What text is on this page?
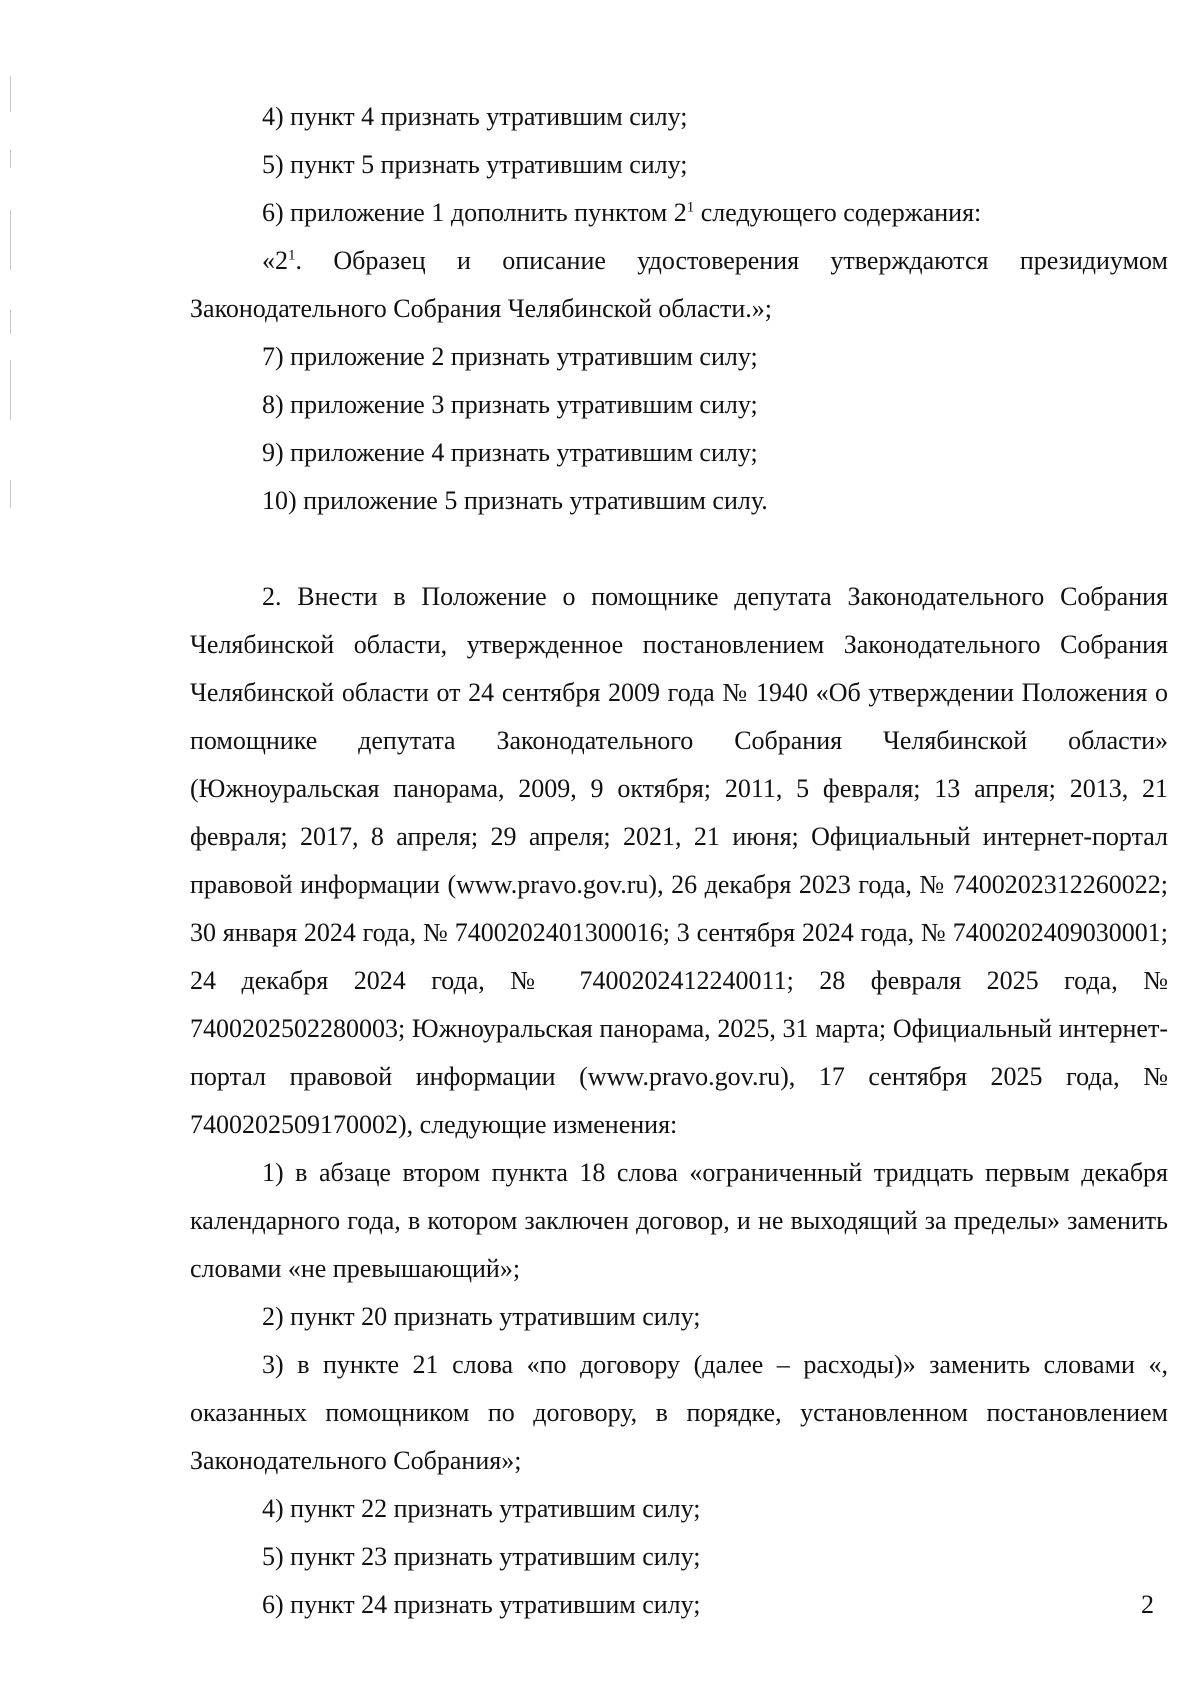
4) пункт 4 признать утратившим силу;

5) пункт 5 признать утратившим силу;

6) приложение 1 дополнить пунктом $2^1$ следующего содержания:

«$2^1$. Образец и описание удостоверения утверждаются президиумом Законодательного Собрания Челябинской области.»;

7) приложение 2 признать утратившим силу;

8) приложение 3 признать утратившим силу;

9) приложение 4 признать утратившим силу;

10) приложение 5 признать утратившим силу.

2. Внести в Положение о помощнике депутата Законодательного Собрания Челябинской области, утвержденное постановлением Законодательного Собрания Челябинской области от 24 сентября 2009 года № 1940 «Об утверждении Положения о помощнике депутата Законодательного Собрания Челябинской области» (Южноуральская панорама, 2009, 9 октября; 2011, 5 февраля; 13 апреля; 2013, 21 февраля; 2017, 8 апреля; 29 апреля; 2021, 21 июня; Официальный интернет-портал правовой информации (www.pravo.gov.ru), 26 декабря 2023 года, № 7400202312260022; 30 января 2024 года, № 7400202401300016; 3 сентября 2024 года, № 7400202409030001; 24 декабря 2024 года, № 7400202412240011; 28 февраля 2025 года, № 7400202502280003; Южноуральская панорама, 2025, 31 марта; Официальный интернет-портал правовой информации (www.pravo.gov.ru), 17 сентября 2025 года, № 7400202509170002), следующие изменения:

1) в абзаце втором пункта 18 слова «ограниченный тридцать первым декабря календарного года, в котором заключен договор, и не выходящий за пределы» заменить словами «не превышающий»;

2) пункт 20 признать утратившим силу;

3) в пункте 21 слова «по договору (далее – расходы)» заменить словами «, оказанных помощником по договору, в порядке, установленном постановлением Законодательного Собрания»;

4) пункт 22 признать утратившим силу;

5) пункт 23 признать утратившим силу;

6) пункт 24 признать утратившим силу;	2
